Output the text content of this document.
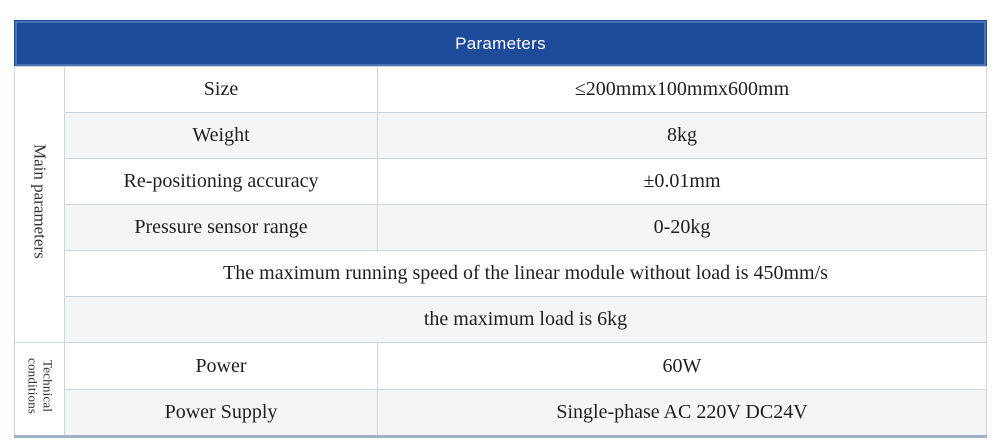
Parameters		
Main parameters	Size	≤200mmx100mmx600mm
	Weight	8kg
	Re-positioning accuracy	±0.01mm
	Pressure sensor range	0-20kg
	The maximum running speed of the linear module without load is 450mm/s	
	the maximum load is 6kg	
Technical conditions	Power	60W
	Power Supply	Single-phase AC 220V DC24V
